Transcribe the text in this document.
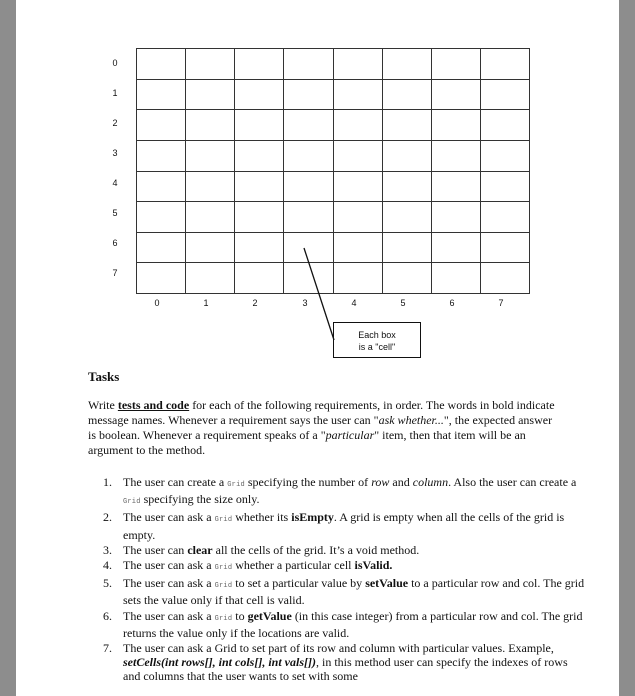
0
1
2
3
4
5
6
7

0	1	2	3	4	5	6	7
Each box
is a "cell"
Tasks
Write tests and code for each of the following requirements, in order. The words in bold indicate message names. Whenever a requirement says the user can "ask whether...", the expected answer is boolean. Whenever a requirement speaks of a "particular" item, then that item will be an argument to the method.
1. The user can create a Grid specifying the number of row and column. Also the user can create a Grid specifying the size only.
2. The user can ask a Grid whether its isEmpty. A grid is empty when all the cells of the grid is empty.
3. The user can clear all the cells of the grid. It’s a void method.
4. The user can ask a Grid whether a particular cell isValid.
5. The user can ask a Grid to set a particular value by setValue to a particular row and col. The grid sets the value only if that cell is valid.
6. The user can ask a Grid to getValue (in this case integer) from a particular row and col. The grid returns the value only if the locations are valid.
7. The user can ask a Grid to set part of its row and column with particular values. Example, setCells(int rows[], int cols[], int vals[]), in this method user can specify the indexes of rows and columns that the user wants to set with some
